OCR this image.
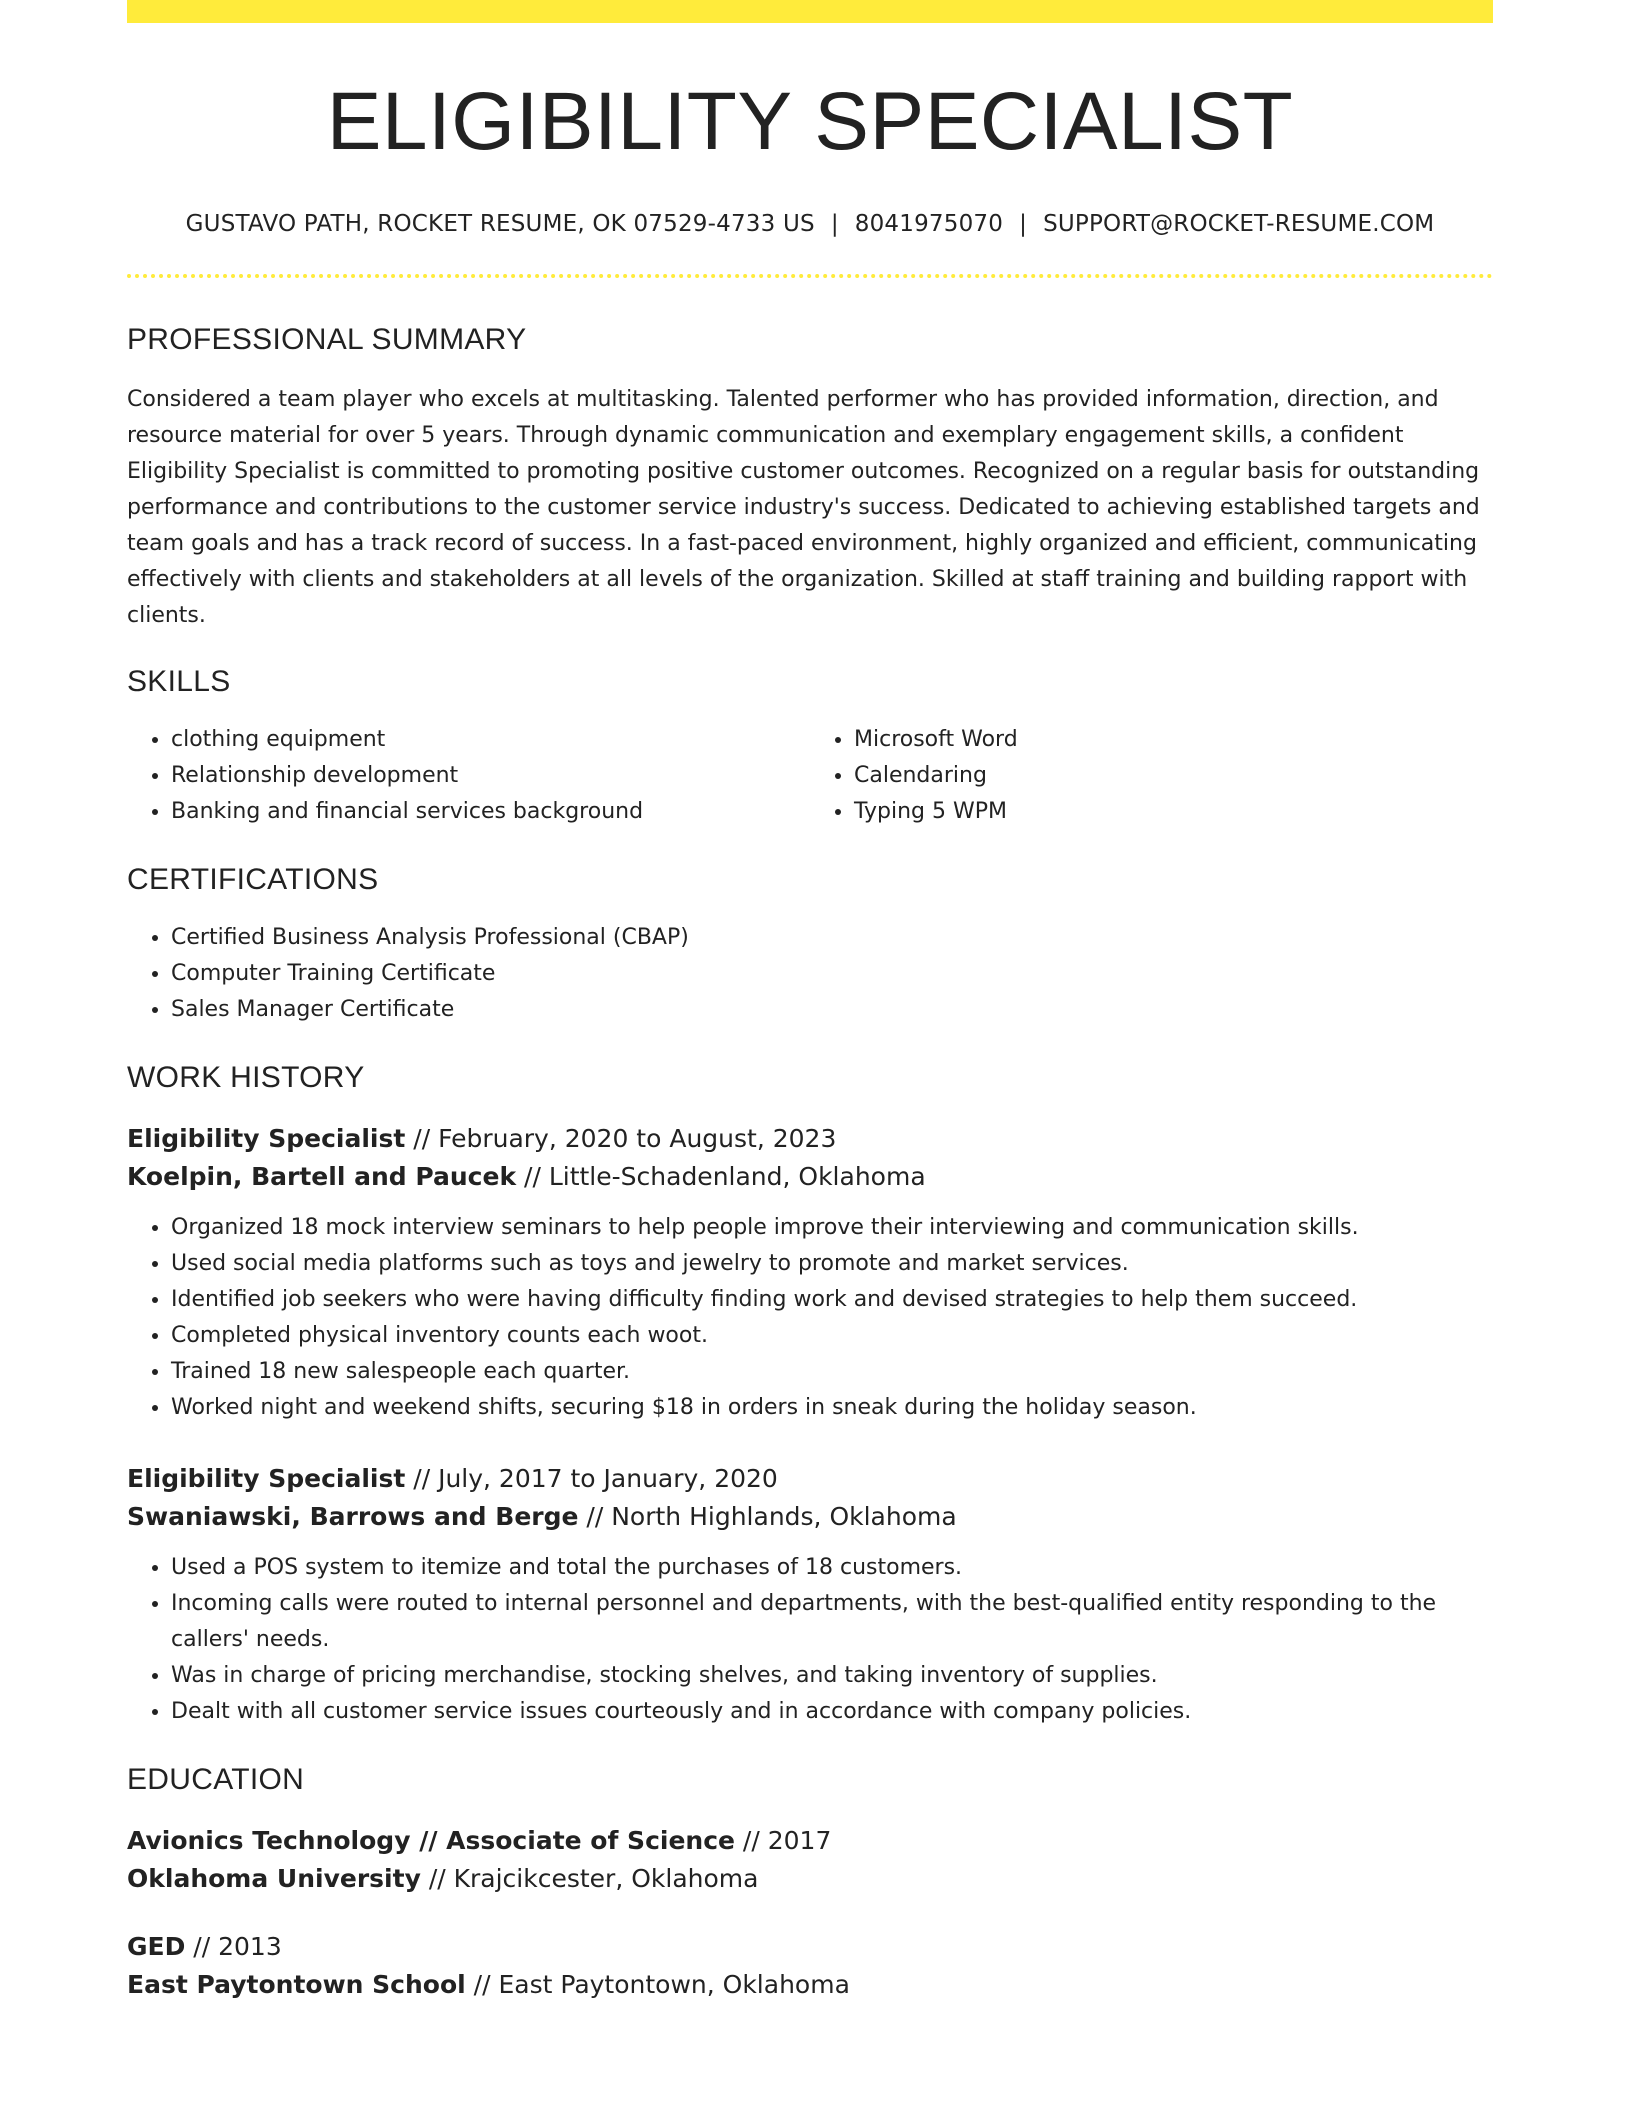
ELIGIBILITY SPECIALIST
GUSTAVO PATH, ROCKET RESUME, OK 07529-4733 US | 8041975070 | SUPPORT@ROCKET-RESUME.COM
PROFESSIONAL SUMMARY
Considered a team player who excels at multitasking. Talented performer who has provided information, direction, and resource material for over 5 years. Through dynamic communication and exemplary engagement skills, a confident Eligibility Specialist is committed to promoting positive customer outcomes. Recognized on a regular basis for outstanding performance and contributions to the customer service industry's success. Dedicated to achieving established targets and team goals and has a track record of success. In a fast-paced environment, highly organized and efficient, communicating effectively with clients and stakeholders at all levels of the organization. Skilled at staff training and building rapport with clients.
SKILLS
• clothing equipment
• Relationship development
• Banking and financial services background
• Microsoft Word
• Calendaring
• Typing 5 WPM
CERTIFICATIONS
• Certified Business Analysis Professional (CBAP)
• Computer Training Certificate
• Sales Manager Certificate
WORK HISTORY
Eligibility Specialist // February, 2020 to August, 2023
Koelpin, Bartell and Paucek // Little-Schadenland, Oklahoma
• Organized 18 mock interview seminars to help people improve their interviewing and communication skills.
• Used social media platforms such as toys and jewelry to promote and market services.
• Identified job seekers who were having difficulty finding work and devised strategies to help them succeed.
• Completed physical inventory counts each woot.
• Trained 18 new salespeople each quarter.
• Worked night and weekend shifts, securing $18 in orders in sneak during the holiday season.
Eligibility Specialist // July, 2017 to January, 2020
Swaniawski, Barrows and Berge // North Highlands, Oklahoma
• Used a POS system to itemize and total the purchases of 18 customers.
• Incoming calls were routed to internal personnel and departments, with the best-qualified entity responding to the callers' needs.
• Was in charge of pricing merchandise, stocking shelves, and taking inventory of supplies.
• Dealt with all customer service issues courteously and in accordance with company policies.
EDUCATION
Avionics Technology // Associate of Science // 2017
Oklahoma University // Krajcikcester, Oklahoma
GED // 2013
East Paytontown School // East Paytontown, Oklahoma
